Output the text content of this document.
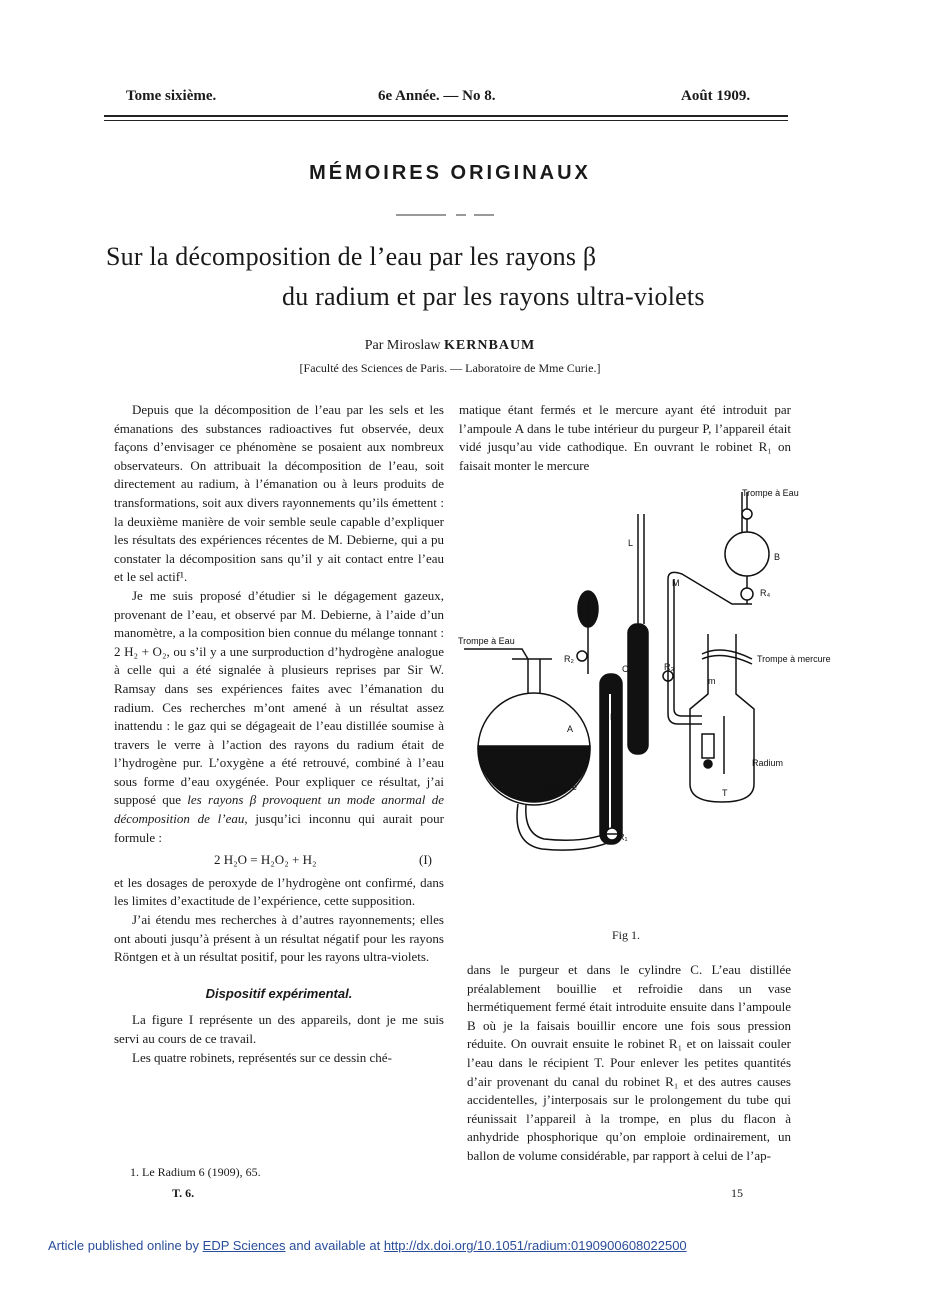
Tome sixième.	6e Année. — No 8.	Août 1909.
MÉMOIRES ORIGINAUX
Sur la décomposition de l’eau par les rayons β
du radium et par les rayons ultra-violets
Par Miroslaw KERNBAUM
[Faculté des Sciences de Paris. — Laboratoire de Mme Curie.]

Depuis que la décomposition de l’eau par les sels et les émanations des substances radioactives fut observée, deux façons d’envisager ce phénomène se posaient aux nombreux observateurs. On attribuait la décomposition de l’eau, soit directement au radium, à l’émanation ou à leurs produits de transformations, soit aux divers rayonnements qu’ils émettent : la deuxième manière de voir semble seule capable d’expliquer les résultats des expériences récentes de M. Debierne, qui a pu constater la décomposition sans qu’il y ait contact entre l’eau et le sel actif¹.

Je me suis proposé d’étudier si le dégagement gazeux, provenant de l’eau, et observé par M. Debierne, à l’aide d’un manomètre, a la composition bien connue du mélange tonnant : 2 H₂ + O₂, ou s’il y a une surproduction d’hydrogène analogue à celle qui a été signalée à plusieurs reprises par Sir W. Ramsay dans ses expériences faites avec l’émanation du radium. Ces recherches m’ont amené à un résultat assez inattendu : le gaz qui se dégageait de l’eau distillée soumise à travers le verre à l’action des rayons du radium était de l’hydrogène pur. L’oxygène a été retrouvé, combiné à l’eau sous forme d’eau oxygénée. Pour expliquer ce résultat, j’ai supposé que les rayons β provoquent un mode anormal de décomposition de l’eau, jusqu’ici inconnu qui aurait pour formule :

2 H₂O = H₂O₂ + H₂	(I)

et les dosages de peroxyde de l’hydrogène ont confirmé, dans les limites d’exactitude de l’expérience, cette supposition.

J’ai étendu mes recherches à d’autres rayonnements; elles ont abouti jusqu’à présent à un résultat négatif pour les rayons Röntgen et à un résultat positif, pour les rayons ultra-violets.

Dispositif expérimental.

La figure I représente un des appareils, dont je me suis servi au cours de ce travail.

Les quatre robinets, représentés sur ce dessin ché-

1. Le Radium 6 (1909), 65.
T. 6.
matique étant fermés et le mercure ayant été introduit par l’ampoule A dans le tube intérieur du purgeur P, l’appareil était vidé jusqu’au vide cathodique. En ouvrant le robinet R₁ on faisait monter le mercure
Trompe à Eau
Trompe à Eau
Trompe à mercure
Radium
mercure
A
B
C
L
M
P
T
R₁
R₂
R₃
R₄
m
Fig 1.
dans le purgeur et dans le cylindre C. L’eau distillée préalablement bouillie et refroidie dans un vase hermétiquement fermé était introduite ensuite dans l’ampoule B où je la faisais bouillir encore une fois sous pression réduite. On ouvrait ensuite le robinet R₁ et on laissait couler l’eau dans le récipient T. Pour enlever les petites quantités d’air provenant du canal du robinet R₁ et des autres causes accidentelles, j’interposais sur le prolongement du tube qui réunissait l’appareil à la trompe, en plus du flacon à anhydride phosphorique qu’on emploie ordinairement, un ballon de volume considérable, par rapport à celui de l’ap-
15
Article published online by EDP Sciences and available at http://dx.doi.org/10.1051/radium:0190900608022500
